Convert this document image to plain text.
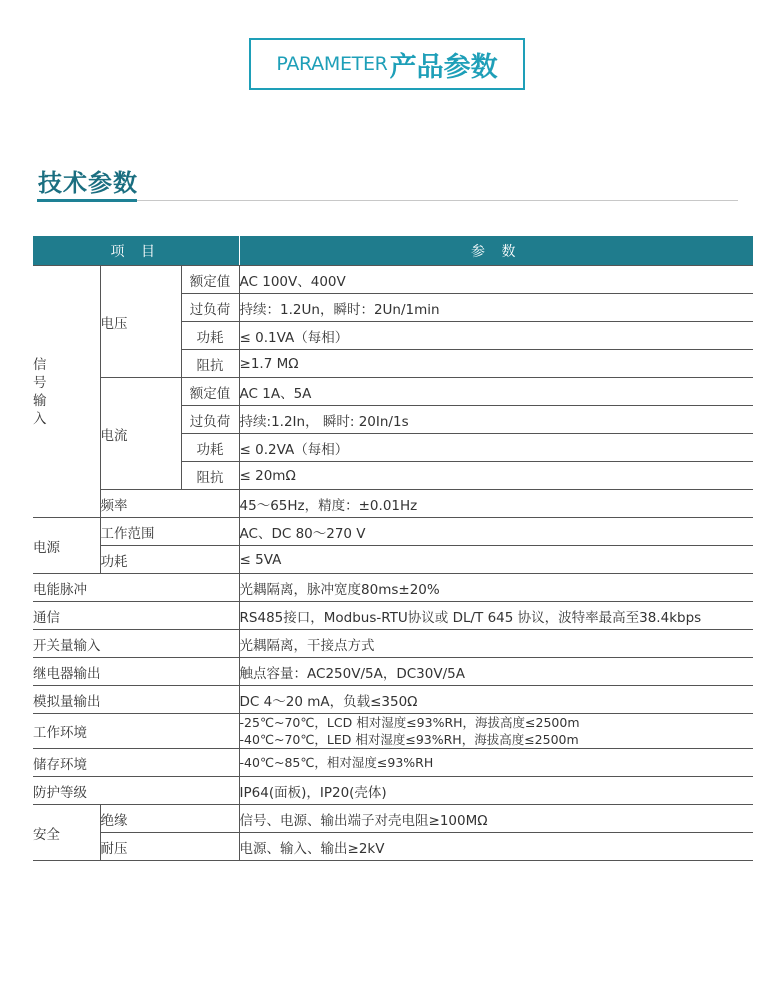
PARAMETER 产品参数
技术参数
项 目			参 数

信
号
输
入	电压	额定值	AC 100V、400V
		过负荷	持续：1.2Un，瞬时：2Un/1min
		功耗	≤ 0.1VA（每相）
		阻抗	≥1.7 MΩ
	电流	额定值	AC 1A、5A
		过负荷	持续:1.2In， 瞬时: 20In/1s
		功耗	≤ 0.2VA（每相）
		阻抗	≤ 20mΩ
	频率		45～65Hz，精度：±0.01Hz
电源	工作范围		AC、DC 80～270 V
	功耗		≤ 5VA
电能脉冲			光耦隔离，脉冲宽度80ms±20%
通信			RS485接口，Modbus-RTU协议或 DL/T 645 协议，波特率最高至38.4kbps
开关量输入			光耦隔离，干接点方式
继电器输出			触点容量：AC250V/5A，DC30V/5A
模拟量输出			DC 4～20 mA，负载≤350Ω
工作环境			-25℃~70℃，LCD 相对湿度≤93%RH，海拔高度≤2500m
-40℃~70℃，LED 相对湿度≤93%RH，海拔高度≤2500m

储存环境			-40℃~85℃，相对湿度≤93%RH
防护等级			IP64(面板)，IP20(壳体)
安全	绝缘		信号、电源、输出端子对壳电阻≥100MΩ
	耐压		电源、输入、输出≥2kV
